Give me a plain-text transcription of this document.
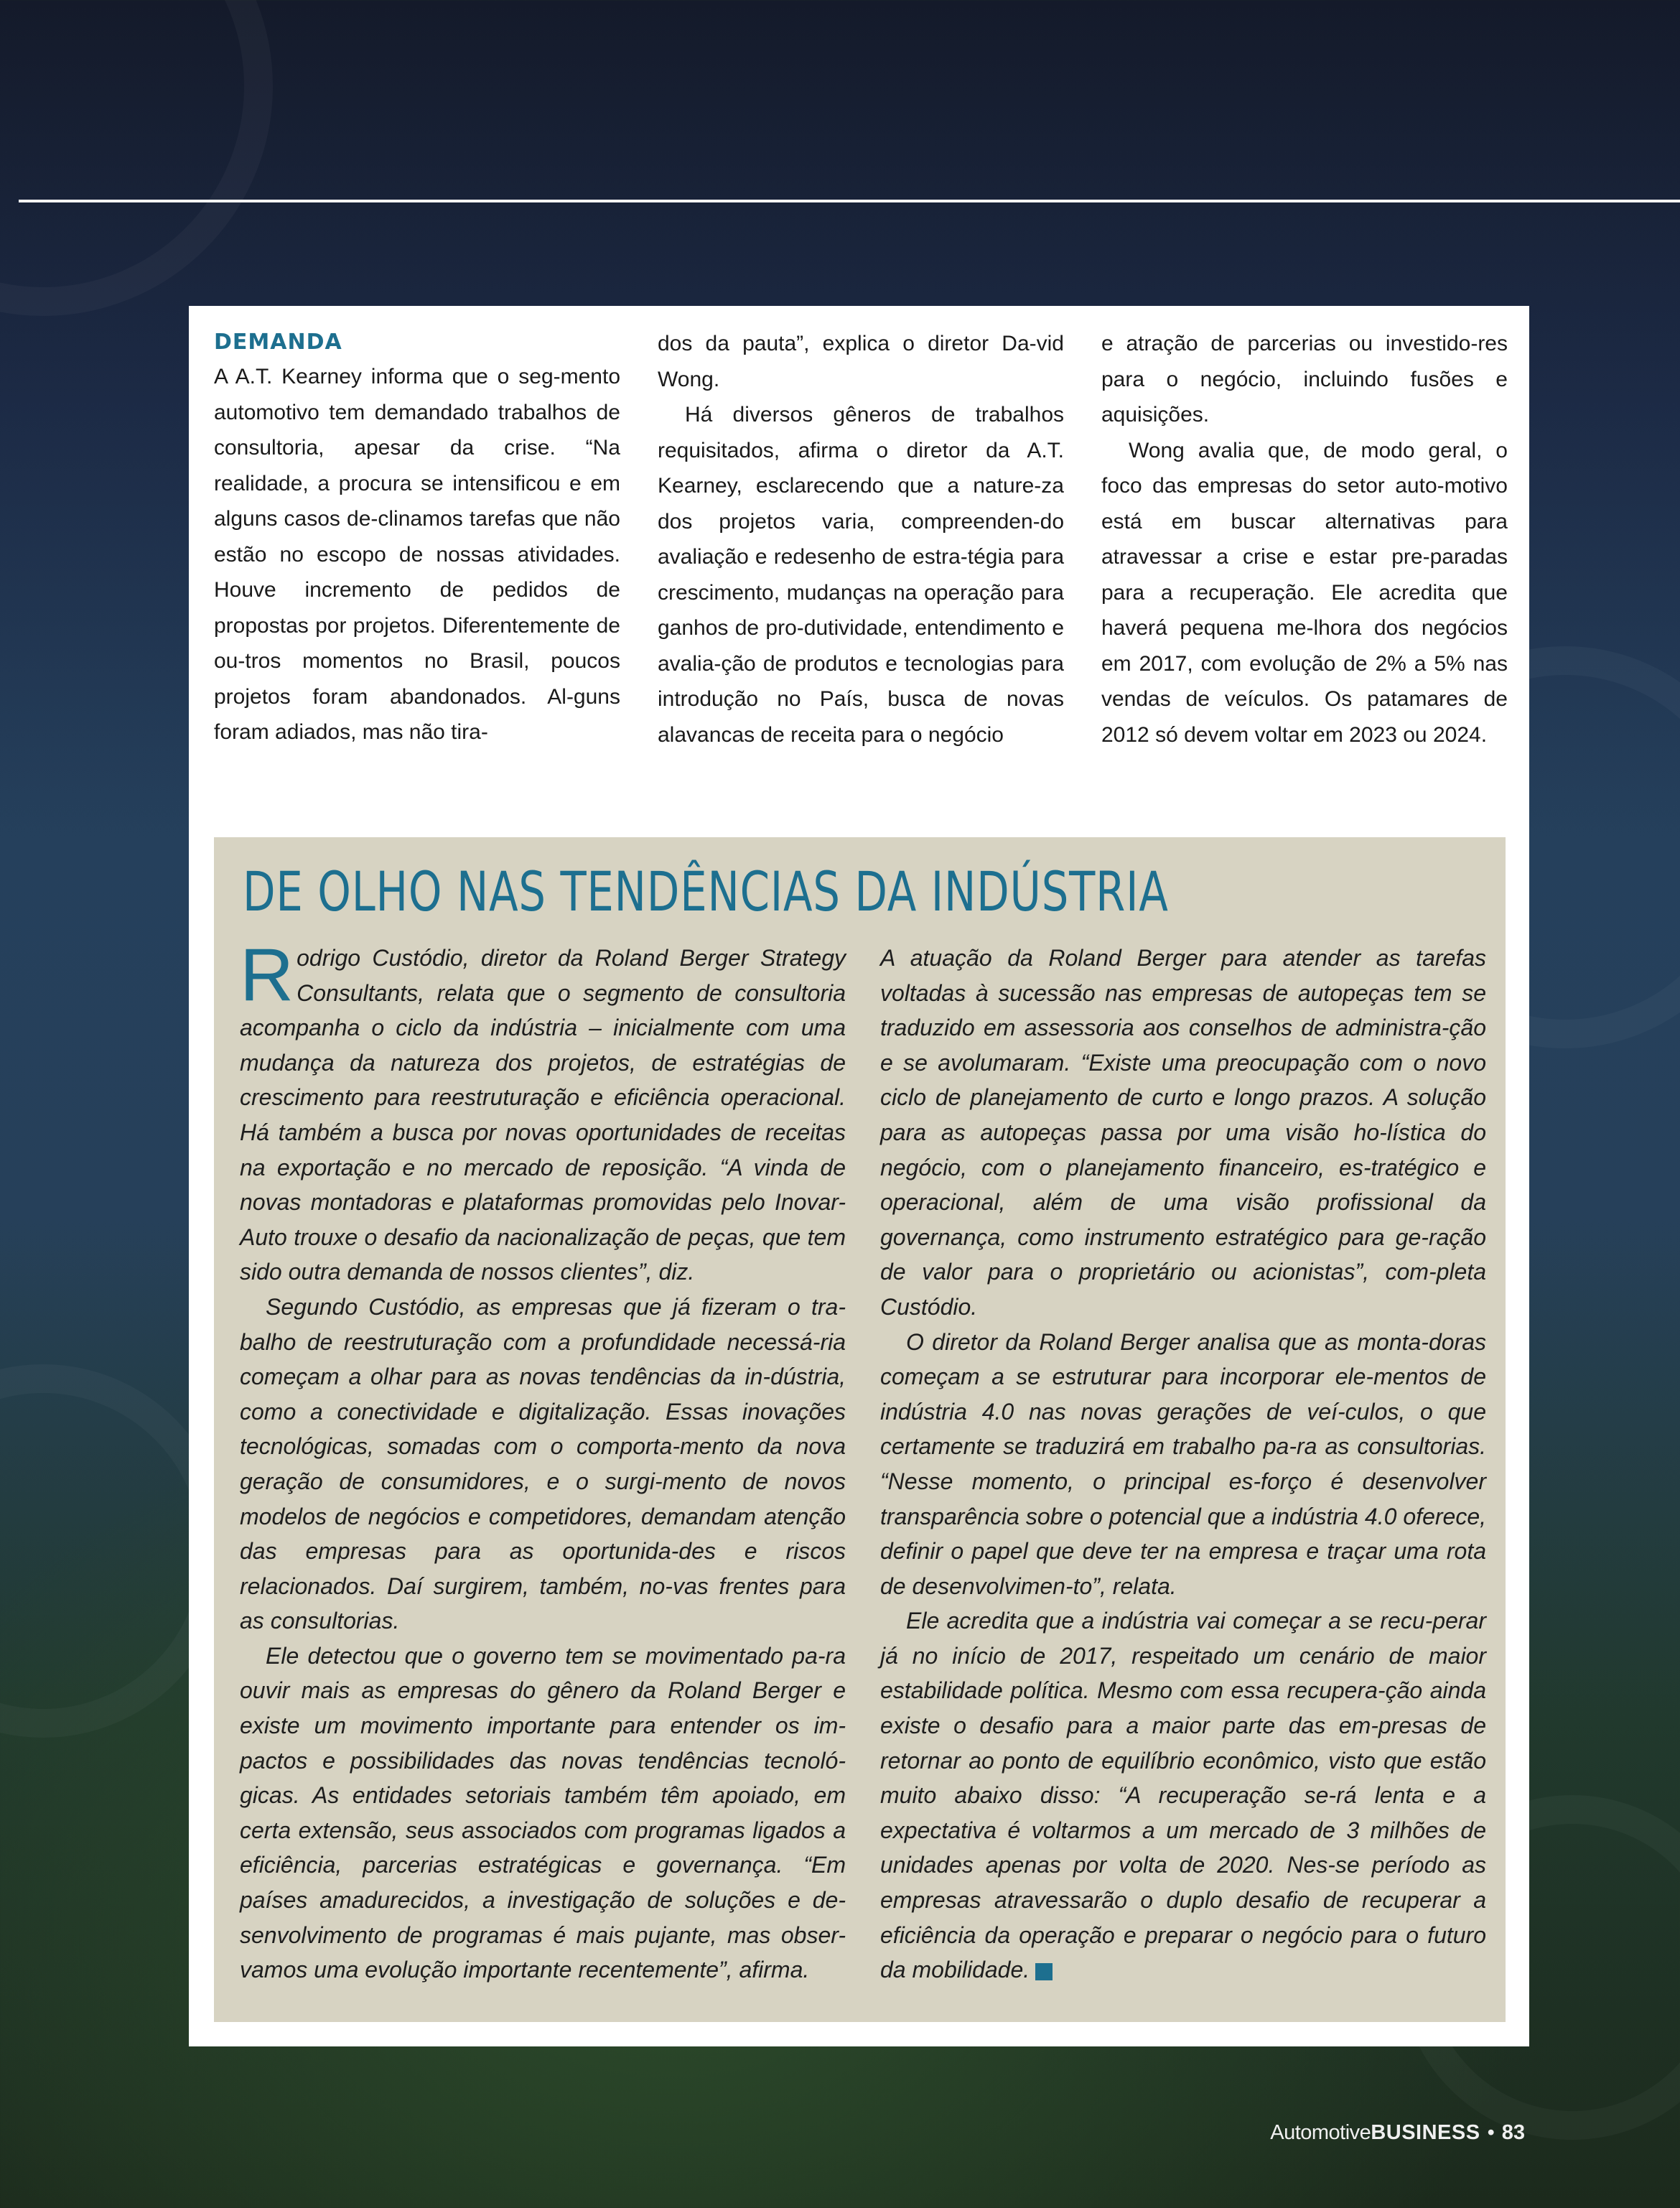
DEMANDA

A A.T. Kearney informa que o seg-mento automotivo tem demandado trabalhos de consultoria, apesar da crise. “Na realidade, a procura se intensificou e em alguns casos de-clinamos tarefas que não estão no escopo de nossas atividades. Houve incremento de pedidos de propostas por projetos. Diferentemente de ou-tros momentos no Brasil, poucos projetos foram abandonados. Al-guns foram adiados, mas não tira-

dos da pauta”, explica o diretor Da-vid Wong.

Há diversos gêneros de trabalhos requisitados, afirma o diretor da A.T. Kearney, esclarecendo que a nature-za dos projetos varia, compreenden-do avaliação e redesenho de estra-tégia para crescimento, mudanças na operação para ganhos de pro-dutividade, entendimento e avalia-ção de produtos e tecnologias para introdução no País, busca de novas alavancas de receita para o negócio

e atração de parcerias ou investido-res para o negócio, incluindo fusões e aquisições.

Wong avalia que, de modo geral, o foco das empresas do setor auto-motivo está em buscar alternativas para atravessar a crise e estar pre-paradas para a recuperação. Ele acredita que haverá pequena me-lhora dos negócios em 2017, com evolução de 2% a 5% nas vendas de veículos. Os patamares de 2012 só devem voltar em 2023 ou 2024.

DE OLHO NAS TENDÊNCIAS DA INDÚSTRIA

Rodrigo Custódio, diretor da Roland Berger Strategy Consultants, relata que o segmento de consultoria acompanha o ciclo da indústria – inicialmente com uma mudança da natureza dos projetos, de estratégias de crescimento para reestruturação e eficiência operacional. Há também a busca por novas oportunidades de receitas na exportação e no mercado de reposição. “A vinda de novas montadoras e plataformas promovidas pelo Inovar-Auto trouxe o desafio da nacionalização de peças, que tem sido outra demanda de nossos clientes”, diz.

Segundo Custódio, as empresas que já fizeram o tra-balho de reestruturação com a profundidade necessá-ria começam a olhar para as novas tendências da in-dústria, como a conectividade e digitalização. Essas inovações tecnológicas, somadas com o comporta-mento da nova geração de consumidores, e o surgi-mento de novos modelos de negócios e competidores, demandam atenção das empresas para as oportunida-des e riscos relacionados. Daí surgirem, também, no-vas frentes para as consultorias.

Ele detectou que o governo tem se movimentado pa-ra ouvir mais as empresas do gênero da Roland Berger e existe um movimento importante para entender os im-pactos e possibilidades das novas tendências tecnoló-gicas. As entidades setoriais também têm apoiado, em certa extensão, seus associados com programas ligados a eficiência, parcerias estratégicas e governança. “Em países amadurecidos, a investigação de soluções e de-senvolvimento de programas é mais pujante, mas obser-vamos uma evolução importante recentemente”, afirma.

A atuação da Roland Berger para atender as tarefas voltadas à sucessão nas empresas de autopeças tem se traduzido em assessoria aos conselhos de administra-ção e se avolumaram. “Existe uma preocupação com o novo ciclo de planejamento de curto e longo prazos. A solução para as autopeças passa por uma visão ho-lística do negócio, com o planejamento financeiro, es-tratégico e operacional, além de uma visão profissional da governança, como instrumento estratégico para ge-ração de valor para o proprietário ou acionistas”, com-pleta Custódio.

O diretor da Roland Berger analisa que as monta-doras começam a se estruturar para incorporar ele-mentos de indústria 4.0 nas novas gerações de veí-culos, o que certamente se traduzirá em trabalho pa-ra as consultorias. “Nesse momento, o principal es-forço é desenvolver transparência sobre o potencial que a indústria 4.0 oferece, definir o papel que deve ter na empresa e traçar uma rota de desenvolvimen-to”, relata.

Ele acredita que a indústria vai começar a se recu-perar já no início de 2017, respeitado um cenário de maior estabilidade política. Mesmo com essa recupera-ção ainda existe o desafio para a maior parte das em-presas de retornar ao ponto de equilíbrio econômico, visto que estão muito abaixo disso: “A recuperação se-rá lenta e a expectativa é voltarmos a um mercado de 3 milhões de unidades apenas por volta de 2020. Nes-se período as empresas atravessarão o duplo desafio de recuperar a eficiência da operação e preparar o negócio para o futuro da mobilidade.

AutomotiveBUSINESS • 83
